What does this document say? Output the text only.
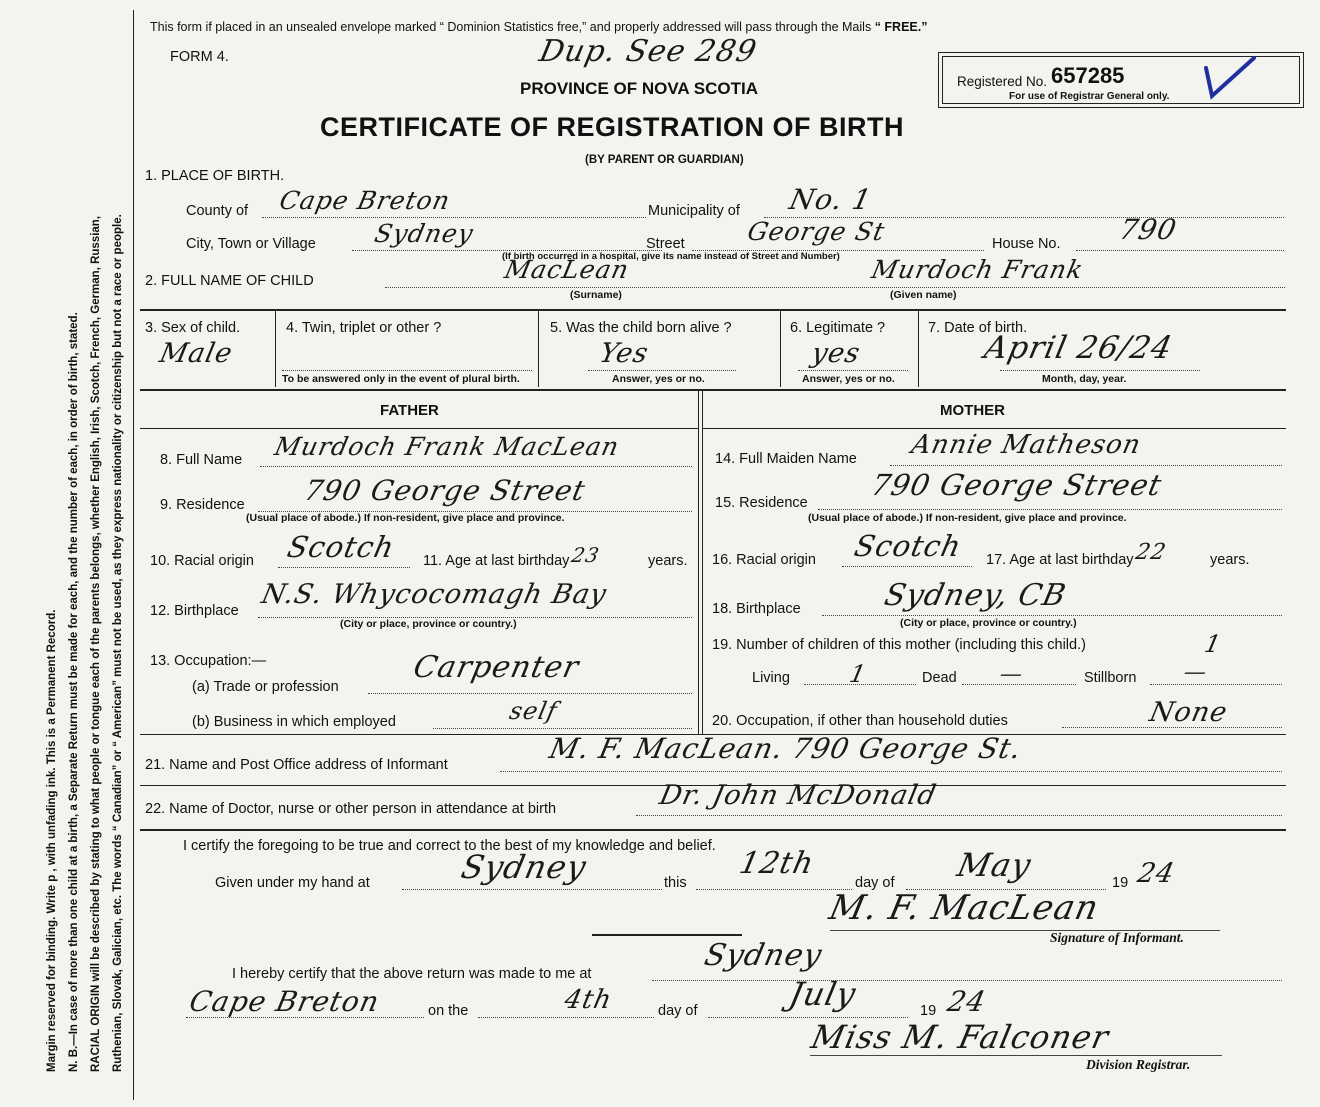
Margin reserved for binding. Write p , with unfading ink. This is a Permanent Record. N. B.—In case of more than one child at a birth, a Separate Return must be made for each, and the number of each, in order of birth, stated. RACIAL ORIGIN will be described by stating to what people or tongue each of the parents belongs, whether English, Irish, Scotch, French, German, Russian, Ruthenian, Slovak, Galician, etc. The words “ Canadian” or “ American” must not be used, as they express nationality or citizenship but not a race or people.
This form if placed in an unsealed envelope marked “ Dominion Statistics free,” and properly addressed will pass through the Mails “ FREE.”
FORM 4.	Dup. See 289
PROVINCE OF NOVA SCOTIA
CERTIFICATE OF REGISTRATION OF BIRTH
(BY PARENT OR GUARDIAN)
Registered No. 657285
For use of Registrar General only.
1. PLACE OF BIRTH.
County of Cape Breton	Municipality of No. 1
City, Town or Village Sydney	Street George St	House No. 790
(If birth occurred in a hospital, give its name instead of Street and Number)
2. FULL NAME OF CHILD	MacLean
(Surname)
Murdoch Frank
(Given name)
3. Sex of child.
Male
4. Twin, triplet or other ?
To be answered only in the event of plural birth.
5. Was the child born alive ?
Yes
Answer, yes or no.
6. Legitimate ?
yes
Answer, yes or no.
7. Date of birth.
April 26/24
Month, day, year.
FATHER	MOTHER
8. Full Name Murdoch Frank MacLean
9. Residence 790 George Street
(Usual place of abode.) If non-resident, give place and province.
10. Racial origin Scotch 11. Age at last birthday 23	years.
12. Birthplace
N.S. Whycocomagh Bay
(City or place, province or country.)
13. Occupation:—
(a) Trade or profession
Carpenter
(b) Business in which employed	self
14. Full Maiden Name Annie Matheson
15. Residence
790 George Street
(Usual place of abode.) If non-resident, give place and province.
16. Racial origin Scotch 17. Age at last birthday 22	years.
18. Birthplace	Sydney, CB
(City or place, province or country.)
19. Number of children of this mother (including this child.)	1
Living 1	Dead —	Stillborn —
20. Occupation, if other than household duties	None
21. Name and Post Office address of Informant	M. F. MacLean. 790 George St.
22. Name of Doctor, nurse or other person in attendance at birth	Dr. John McDonald
I certify the foregoing to be true and correct to the best of my knowledge and belief.
Given under my hand at	Sydney	this
12th
day of May	19 24
M. F. MacLean
Signature of Informant.
I hereby certify that the above return was made to me at
Sydney
Cape Breton	on the	4th	day of	July	19 24
Miss M. Falconer
Division Registrar.
